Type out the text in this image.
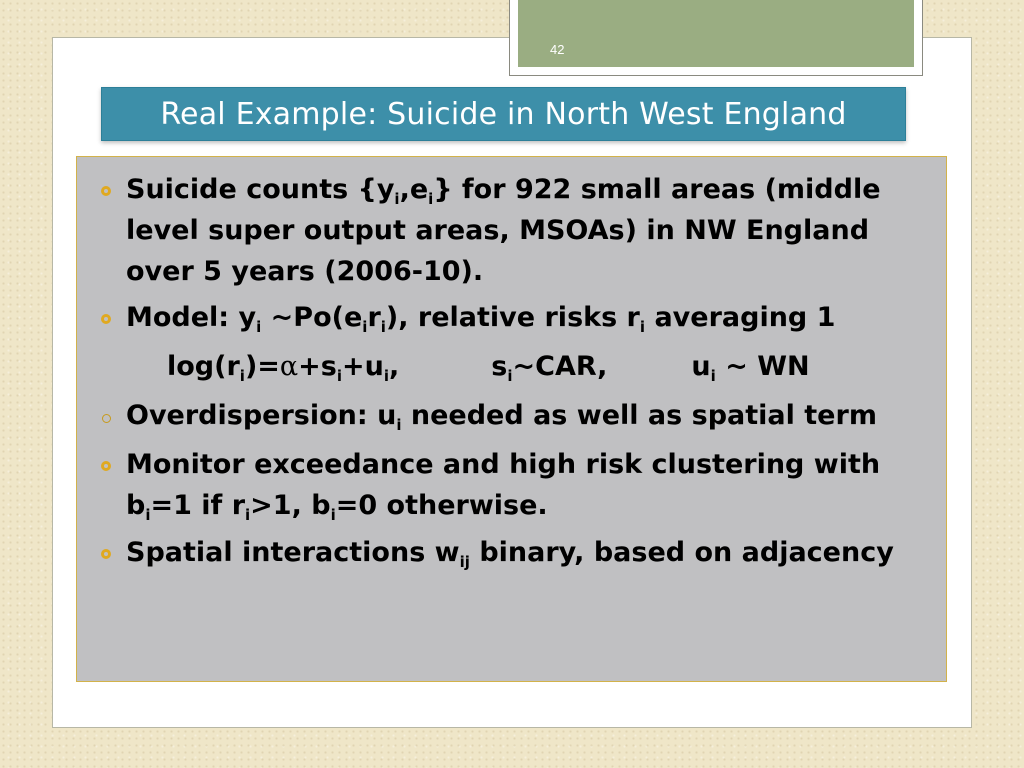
42
Real Example: Suicide in North West England

Suicide counts $\{y_i,e_i\}$ for 922 small areas (middle level super output areas, MSOAs) in NW England over 5 years (2006-10).

Model: $y_i$ $\sim Po(e_ir_i)$, relative risks $r_i$ averaging 1

$\log(r_i)=\alpha+s_i+u_i$,	$s_i\sim CAR$,	$u_i$ ~ WN

Overdispersion: $u_i$ needed as well as spatial term

Monitor exceedance and high risk clustering with $b_i=1$ if $r_i>1$, $b_i=0$ otherwise.

Spatial interactions $w_{ij}$ binary, based on adjacency
